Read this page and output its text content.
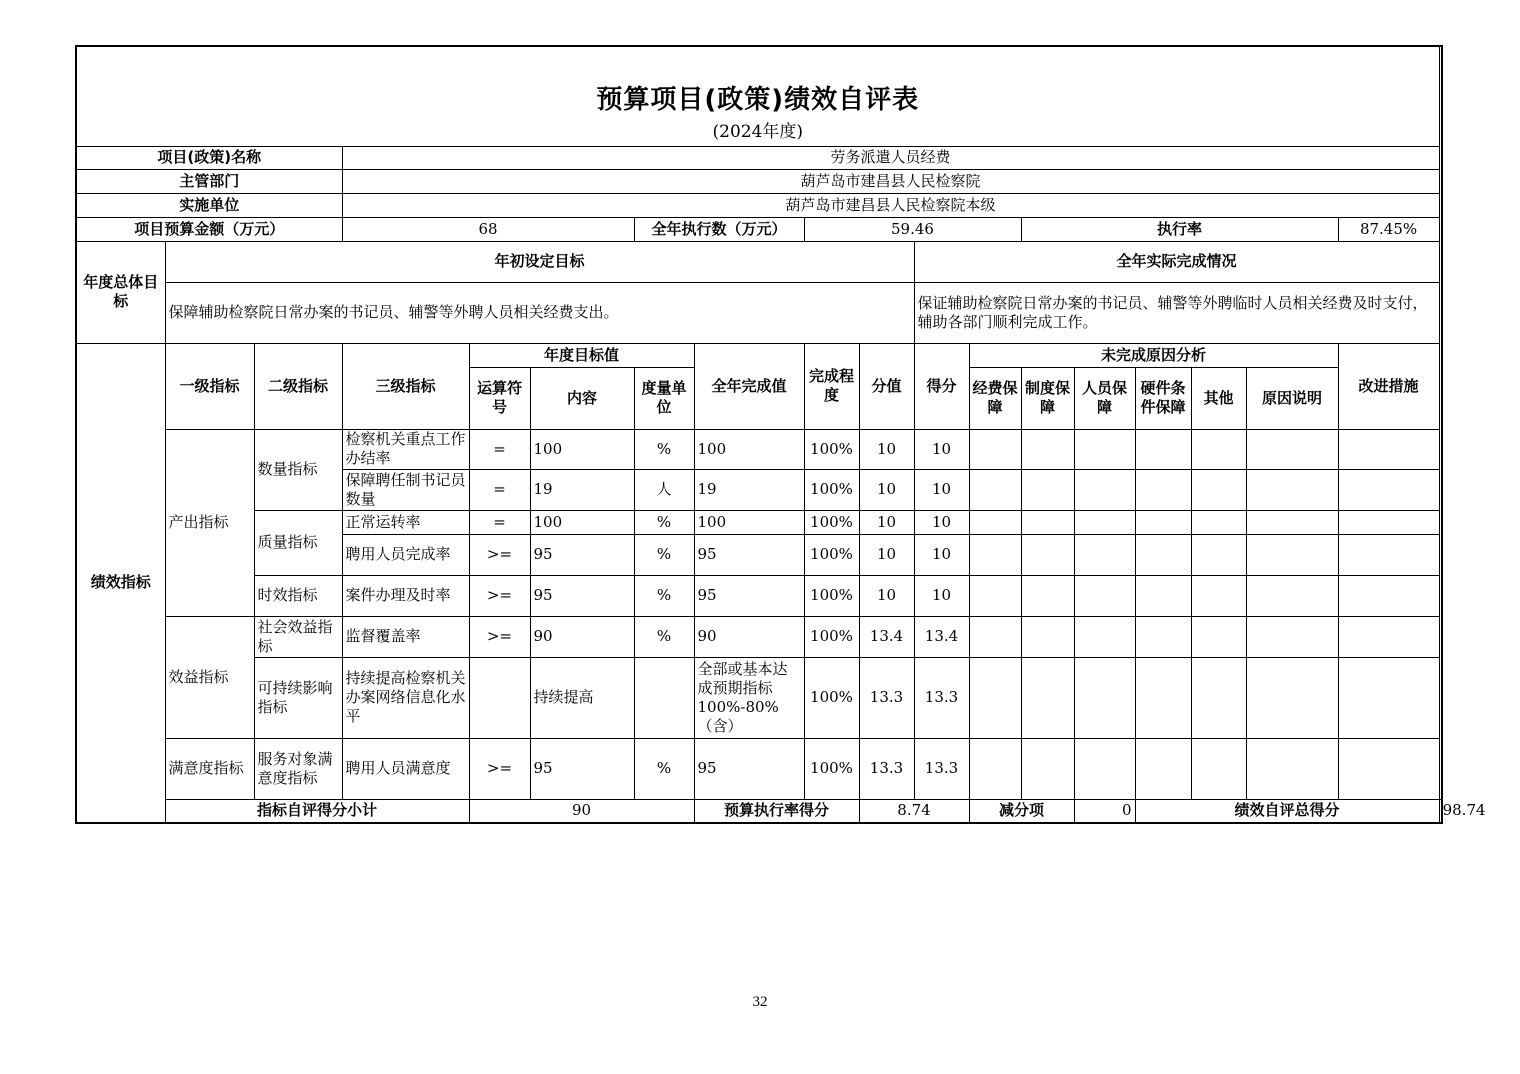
预算项目(政策)绩效自评表																		
(2024年度)																		
项目(政策)名称			劳务派遣人员经费															
主管部门			葫芦岛市建昌县人民检察院															
实施单位			葫芦岛市建昌县人民检察院本级															
项目预算金额（万元）			68			全年执行数（万元）		59.46				执行率					87.45%	
年度总体目标	年初设定目标									全年实际完成情况								
	保障辅助检察院日常办案的书记员、辅警等外聘人员相关经费支出。									保证辅助检察院日常办案的书记员、辅警等外聘临时人员相关经费及时支付，辅助各部门顺利完成工作。								
绩效指标	一级指标	二级指标	三级指标	年度目标值			全年完成值	完成程度	分值	得分	未完成原因分析						改进措施	
				运算符号	内容	度量单位					经费保障	制度保障	人员保障	硬件条件保障	其他	原因说明		
	产出指标	数量指标	检察机关重点工作办结率	=	100	%	100	100%	10	10								
			保障聘任制书记员数量	=	19	人	19	100%	10	10								
		质量指标	正常运转率	=	100	%	100	100%	10	10								
			聘用人员完成率	>=	95	%	95	100%	10	10								
		时效指标	案件办理及时率	>=	95	%	95	100%	10	10								
	效益指标	社会效益指标	监督覆盖率	>=	90	%	90	100%	13.4	13.4								
		可持续影响指标	持续提高检察机关办案网络信息化水平		持续提高		全部或基本达成预期指标100%-80%（含）	100%	13.3	13.3								
	满意度指标	服务对象满意度指标	聘用人员满意度	>=	95	%	95	100%	13.3	13.3								
	指标自评得分小计			90			预算执行率得分		8.74		减分项		0	绩效自评总得分				98.74
32
